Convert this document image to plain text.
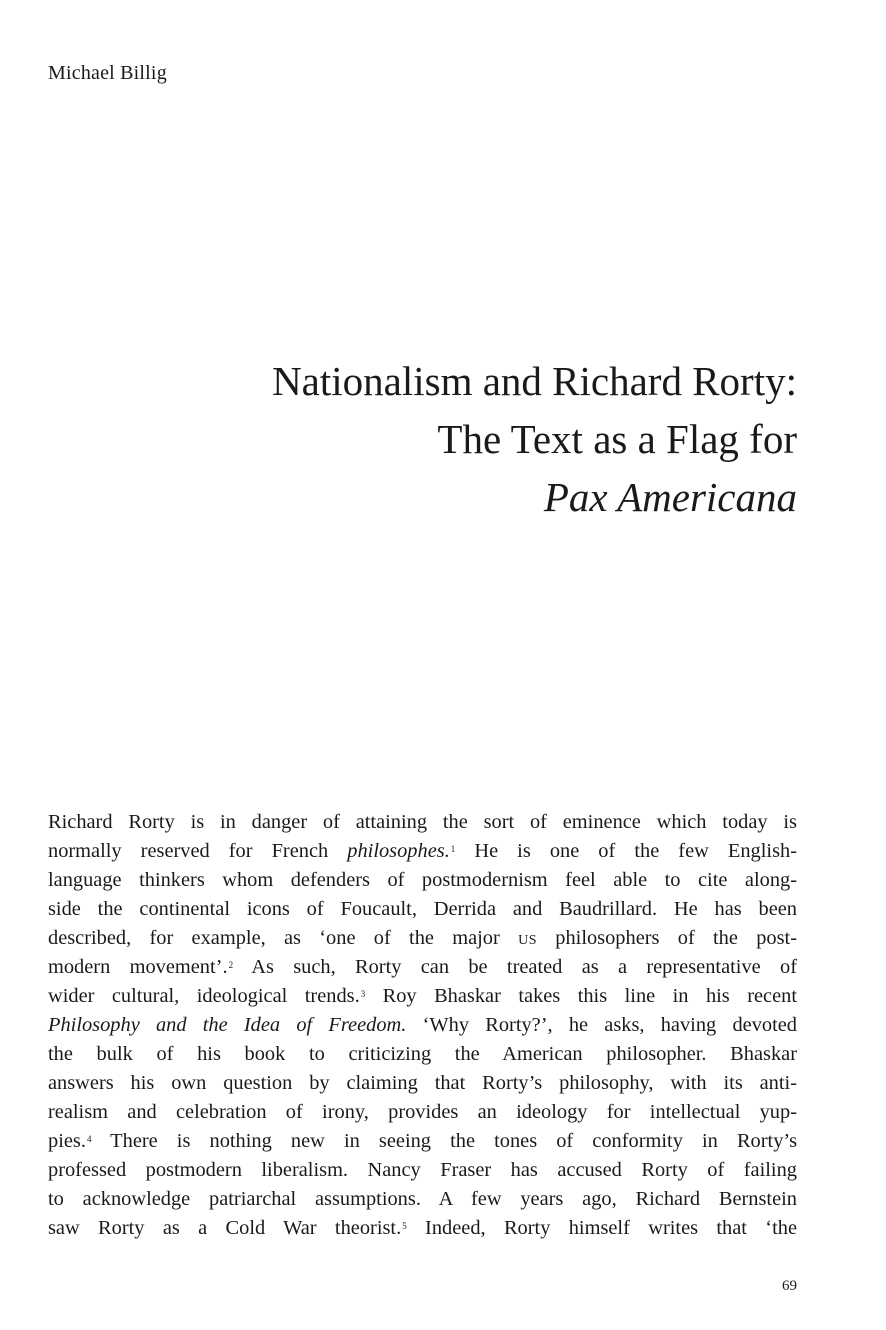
Michael Billig
Nationalism and Richard Rorty:
The Text as a Flag for
Pax Americana
Richard Rorty is in danger of attaining the sort of eminence which today is
normally reserved for French philosophes.$^1$ He is one of the few English-
language thinkers whom defenders of postmodernism feel able to cite along-
side the continental icons of Foucault, Derrida and Baudrillard. He has been
described, for example, as ‘one of the major US philosophers of the post-
modern movement’.$^2$ As such, Rorty can be treated as a representative of
wider cultural, ideological trends.$^3$ Roy Bhaskar takes this line in his recent
Philosophy and the Idea of Freedom. ‘Why Rorty?’, he asks, having devoted
the bulk of his book to criticizing the American philosopher. Bhaskar
answers his own question by claiming that Rorty’s philosophy, with its anti-
realism and celebration of irony, provides an ideology for intellectual yup-
pies.$^4$ There is nothing new in seeing the tones of conformity in Rorty’s
professed postmodern liberalism. Nancy Fraser has accused Rorty of failing
to acknowledge patriarchal assumptions. A few years ago, Richard Bernstein
saw Rorty as a Cold War theorist.$^5$ Indeed, Rorty himself writes that ‘the
69
